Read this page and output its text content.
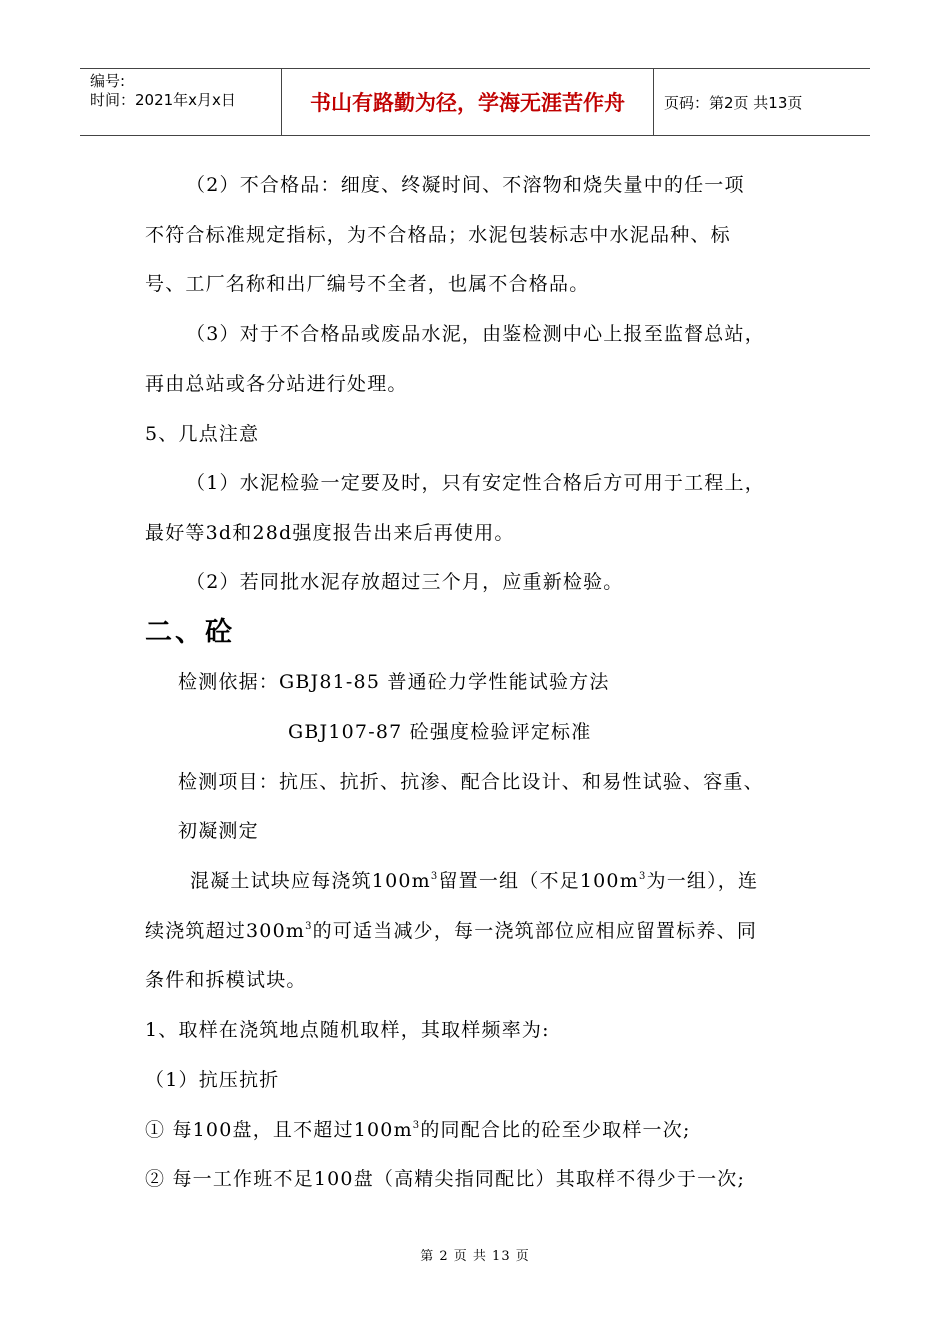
编号:
时间：2021年x月x日	书山有路勤为径，学海无涯苦作舟	页码：第2页 共13页
（2）不合格品：细度、终凝时间、不溶物和烧失量中的任一项
不符合标准规定指标，为不合格品；水泥包装标志中水泥品种、标
号、工厂名称和出厂编号不全者，也属不合格品。
（3）对于不合格品或废品水泥，由鉴检测中心上报至监督总站，
再由总站或各分站进行处理。
5、几点注意
（1）水泥检验一定要及时，只有安定性合格后方可用于工程上，
最好等3d和28d强度报告出来后再使用。
（2）若同批水泥存放超过三个月，应重新检验。
二、砼
检测依据：GBJ81-85 普通砼力学性能试验方法
GBJ107-87 砼强度检验评定标准
检测项目：抗压、抗折、抗渗、配合比设计、和易性试验、容重、
初凝测定
混凝土试块应每浇筑$100m^3$留置一组（不足$100m^3$为一组），连
续浇筑超过$300m^3$的可适当减少，每一浇筑部位应相应留置标养、同
条件和拆模试块。
1、取样在浇筑地点随机取样，其取样频率为:
（1）抗压抗折
① 每100盘，且不超过$100m^3$的同配合比的砼至少取样一次;
② 每一工作班不足100盘（高精尖指同配比）其取样不得少于一次;
第 2 页 共 13 页
